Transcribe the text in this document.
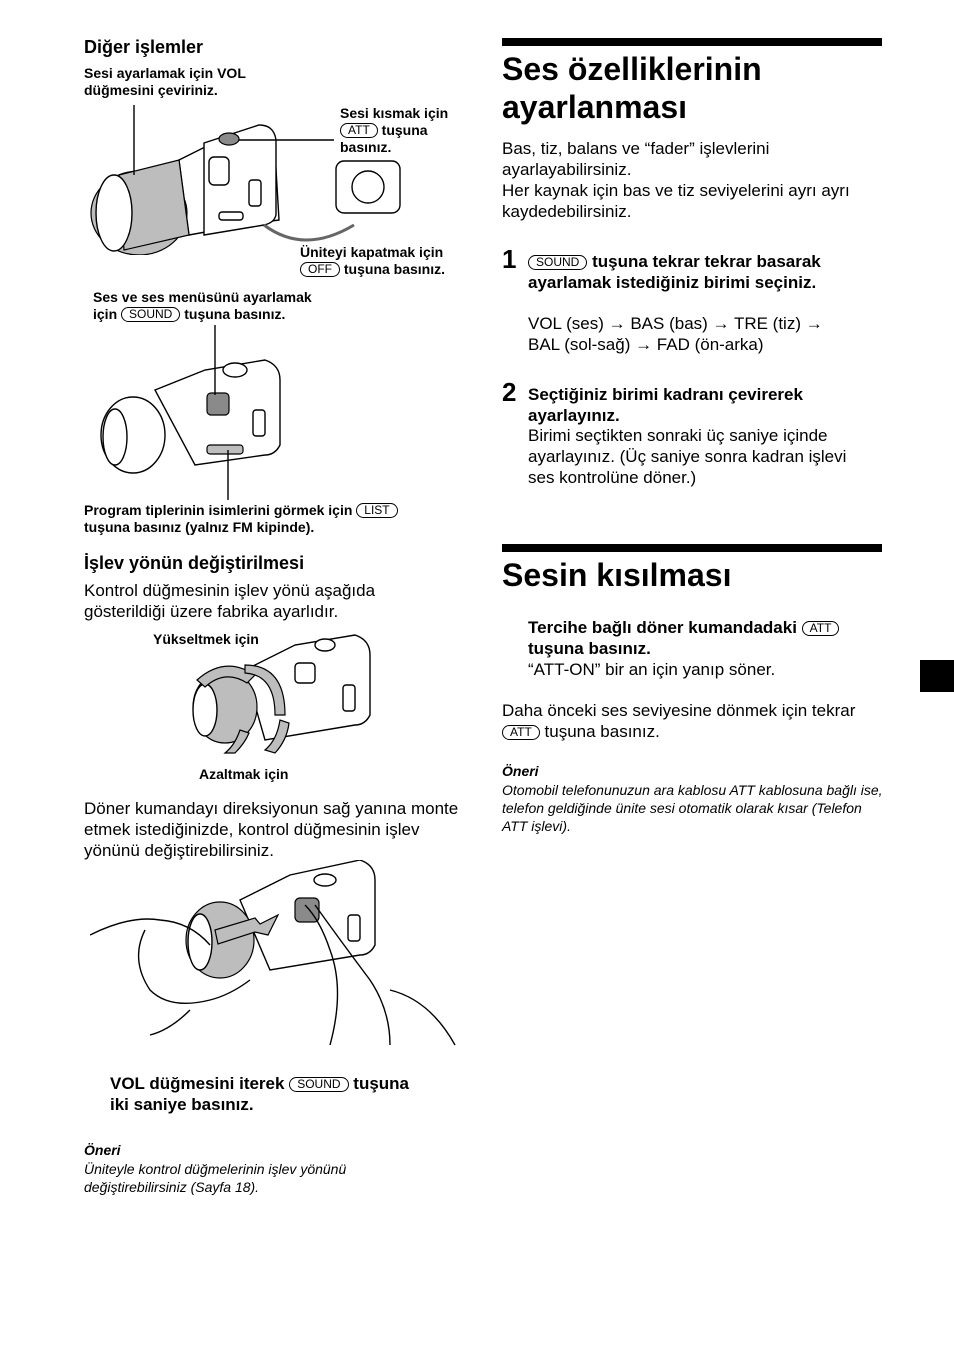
Diğer işlemler
Sesi ayarlamak için VOL düğmesini çeviriniz.
Sesi kısmak için
ATT tuşuna
basınız.
Üniteyi kapatmak için
OFF tuşuna basınız.
Ses ve ses menüsünü ayarlamak
için SOUND tuşuna basınız.
Program tiplerinin isimlerini görmek için LIST
tuşuna basınız (yalnız FM kipinde).
İşlev yönün değiştirilmesi
Kontrol düğmesinin işlev yönü aşağıda gösterildiği üzere fabrika ayarlıdır.
Yükseltmek için
Azaltmak için
Döner kumandayı direksiyonun sağ yanına monte etmek istediğinizde, kontrol düğmesinin işlev yönünü değiştirebilirsiniz.
VOL düğmesini iterek SOUND tuşuna
iki saniye basınız.
Öneri
Üniteyle kontrol düğmelerinin işlev yönünü değiştirebilirsiniz (Sayfa 18).
Ses özelliklerinin ayarlanması
Bas, tiz, balans ve “fader” işlevlerini ayarlayabilirsiniz.
Her kaynak için bas ve tiz seviyelerini ayrı ayrı kaydedebilirsiniz.
1	SOUND tuşuna tekrar tekrar basarak
ayarlamak istediğiniz birimi seçiniz.
VOL (ses) → BAS (bas) → TRE (tiz) →
BAL (sol-sağ) → FAD (ön-arka)
2 Seçtiğiniz birimi kadranı çevirerek
ayarlayınız.
Birimi seçtikten sonraki üç saniye içinde ayarlayınız. (Üç saniye sonra kadran işlevi ses kontrolüne döner.)
Sesin kısılması
Tercihe bağlı döner kumandadaki ATT
tuşuna basınız.
“ATT-ON” bir an için yanıp söner.
Daha önceki ses seviyesine dönmek için tekrar
ATT tuşuna basınız.
Öneri
Otomobil telefonunuzun ara kablosu ATT kablosuna bağlı ise, telefon geldiğinde ünite sesi otomatik olarak kısar (Telefon ATT işlevi).
